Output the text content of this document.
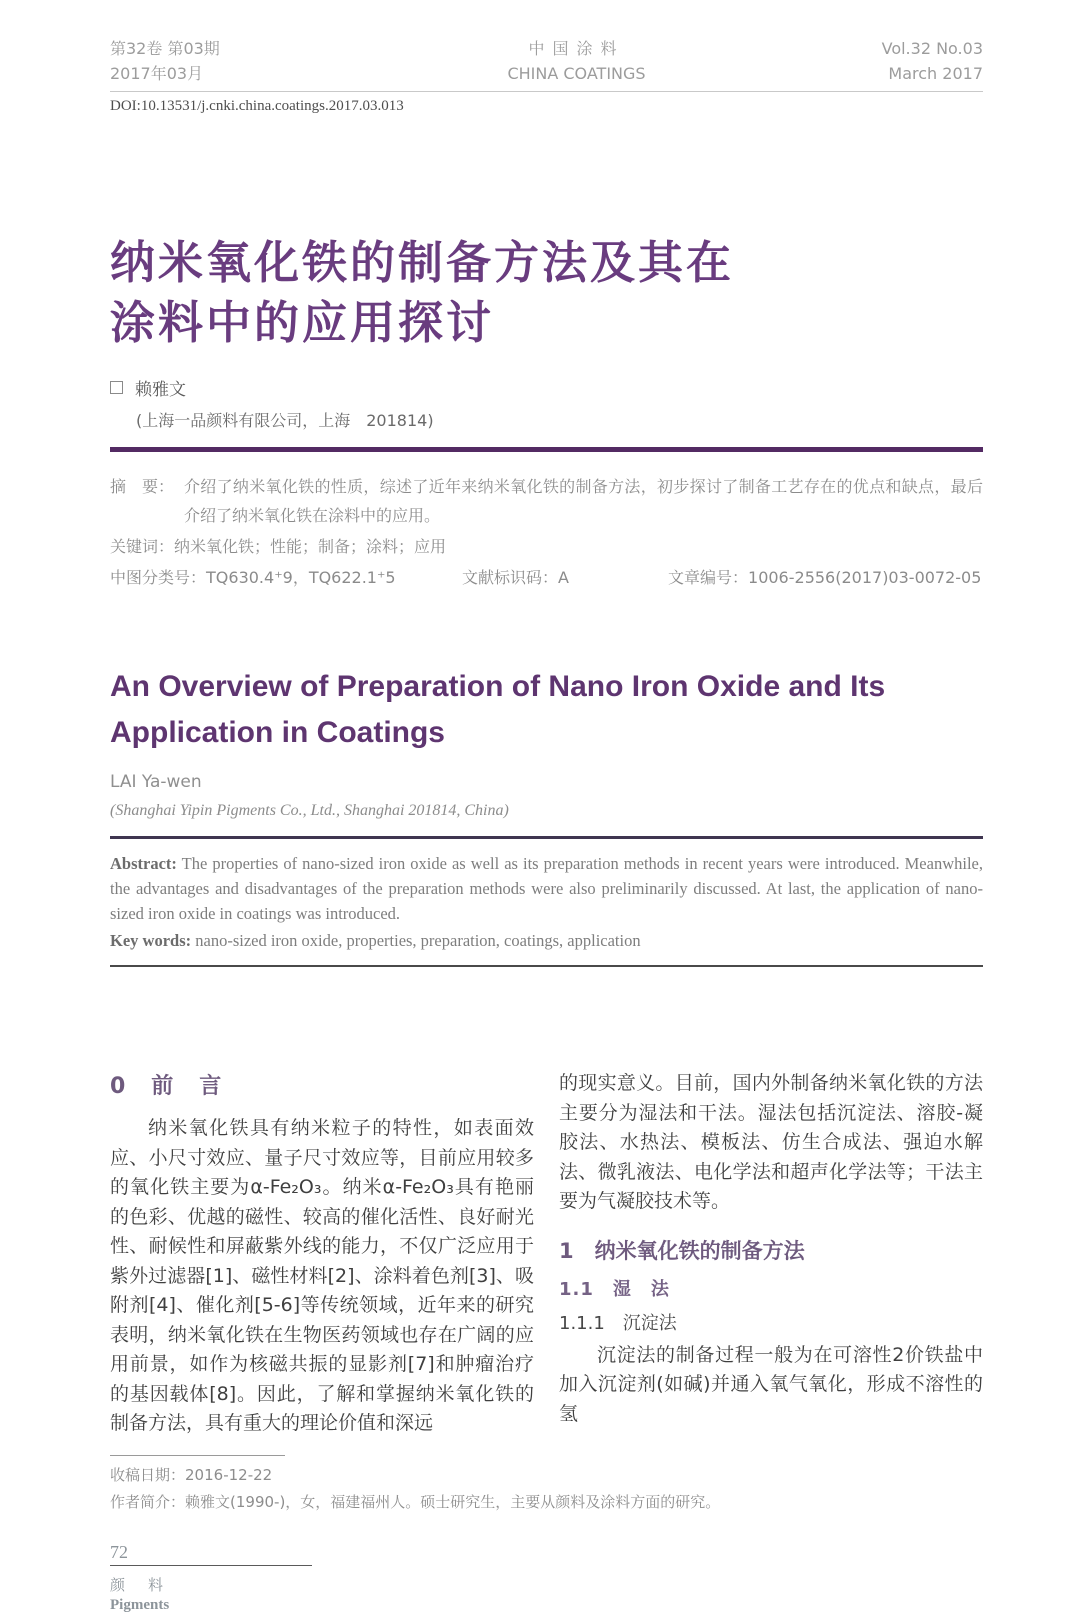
第32卷 第03期
2017年03月
中国涂料
CHINA COATINGS
Vol.32 No.03
March 2017
DOI:10.13531/j.cnki.china.coatings.2017.03.013
纳米氧化铁的制备方法及其在
涂料中的应用探讨
赖雅文
(上海一品颜料有限公司，上海　201814)
摘　要： 介绍了纳米氧化铁的性质，综述了近年来纳米氧化铁的制备方法，初步探讨了制备工艺存在的优点和缺点，最后介绍了纳米氧化铁在涂料中的应用。
关键词：纳米氧化铁；性能；制备；涂料；应用
中图分类号：TQ630.4⁺9，TQ622.1⁺5	文献标识码：A	文章编号：1006-2556(2017)03-0072-05
An Overview of Preparation of Nano Iron Oxide and Its
Application in Coatings
LAI Ya-wen
(Shanghai Yipin Pigments Co., Ltd., Shanghai 201814, China)

Abstract: The properties of nano-sized iron oxide as well as its preparation methods in recent years were introduced. Meanwhile, the advantages and disadvantages of the preparation methods were also preliminarily discussed. At last, the application of nano-sized iron oxide in coatings was introduced.

Key words: nano-sized iron oxide, properties, preparation, coatings, application

0　前　言

纳米氧化铁具有纳米粒子的特性，如表面效应、小尺寸效应、量子尺寸效应等，目前应用较多的氧化铁主要为α-Fe₂O₃。纳米α-Fe₂O₃具有艳丽的色彩、优越的磁性、较高的催化活性、良好耐光性、耐候性和屏蔽紫外线的能力，不仅广泛应用于紫外过滤器[1]、磁性材料[2]、涂料着色剂[3]、吸附剂[4]、催化剂[5-6]等传统领域，近年来的研究表明，纳米氧化铁在生物医药领域也存在广阔的应用前景，如作为核磁共振的显影剂[7]和肿瘤治疗的基因载体[8]。因此，了解和掌握纳米氧化铁的制备方法，具有重大的理论价值和深远

的现实意义。目前，国内外制备纳米氧化铁的方法主要分为湿法和干法。湿法包括沉淀法、溶胶-凝胶法、水热法、模板法、仿生合成法、强迫水解法、微乳液法、电化学法和超声化学法等；干法主要为气凝胶技术等。

1　纳米氧化铁的制备方法
1.1　湿　法
1.1.1　沉淀法

沉淀法的制备过程一般为在可溶性2价铁盐中加入沉淀剂(如碱)并通入氧气氧化，形成不溶性的氢

收稿日期：2016-12-22
作者简介：赖雅文(1990-)，女，福建福州人。硕士研究生，主要从颜料及涂料方面的研究。
72
颜　料
Pigments
